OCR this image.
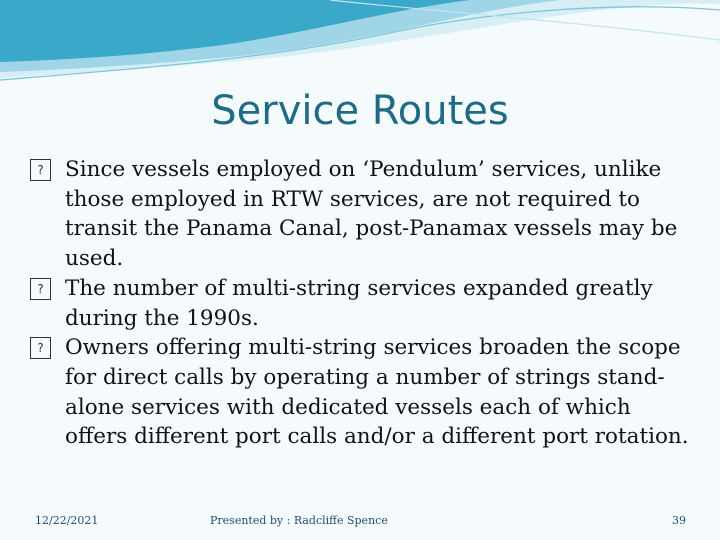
Service Routes

? Since vessels employed on ‘Pendulum’ services, unlike those employed in RTW services, are not required to transit the Panama Canal, post-Panamax vessels may be used.

? The number of multi-string services expanded greatly during the 1990s.

? Owners offering multi-string services broaden the scope for direct calls by operating a number of strings stand-alone services with dedicated vessels each of which offers different port calls and/or a different port rotation.

12/22/2021	Presented by : Radcliffe Spence	39
